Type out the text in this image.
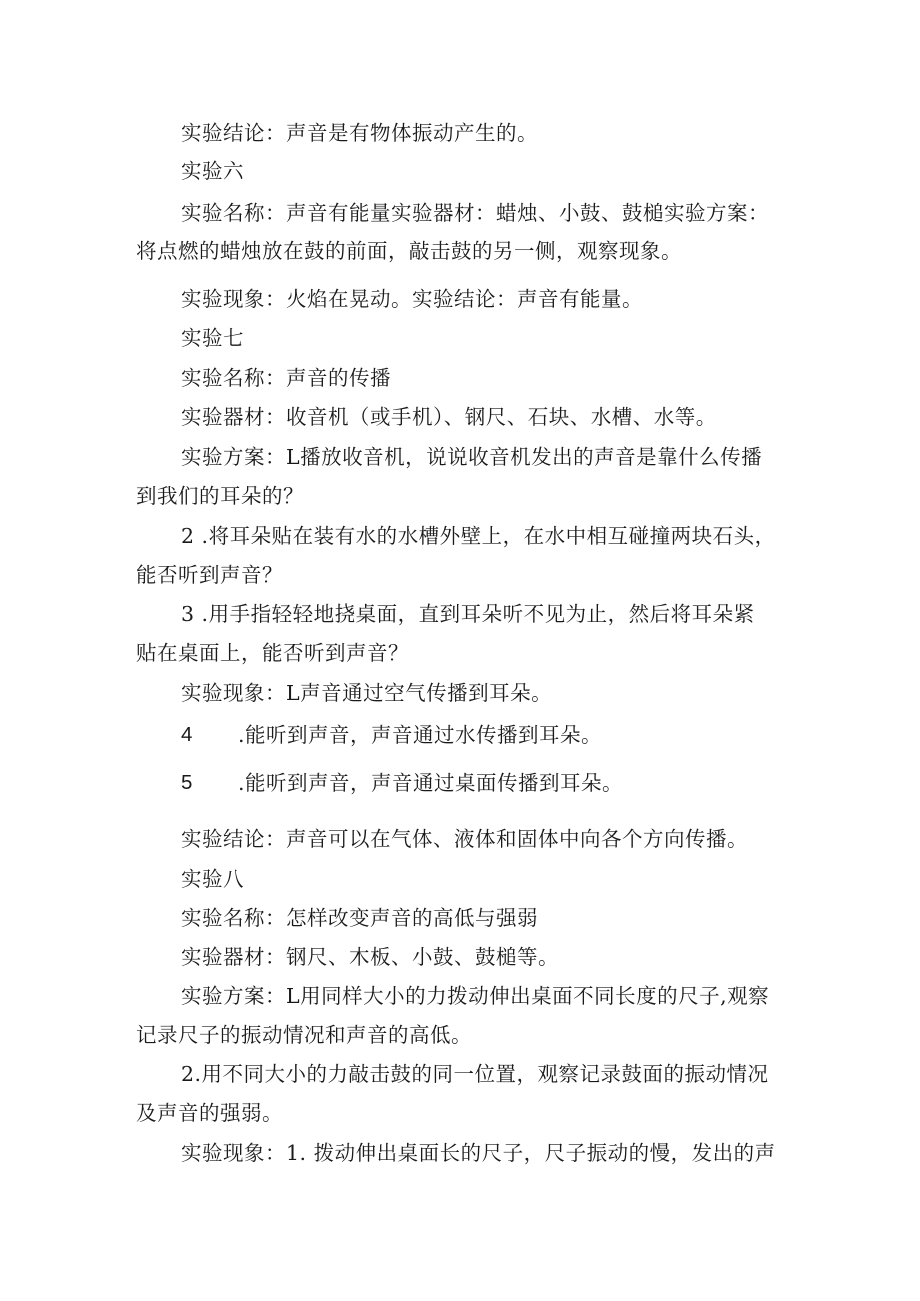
实验结论：声音是有物体振动产生的。
实验六
实验名称：声音有能量实验器材：蜡烛、小鼓、鼓槌实验方案：
将点燃的蜡烛放在鼓的前面，敲击鼓的另一侧，观察现象。
实验现象：火焰在晃动。实验结论：声音有能量。
实验七
实验名称：声音的传播
实验器材：收音机（或手机）、钢尺、石块、水槽、水等。
实验方案：L播放收音机，说说收音机发出的声音是靠什么传播
到我们的耳朵的？
2 .将耳朵贴在装有水的水槽外壁上，在水中相互碰撞两块石头，
能否听到声音？
3 .用手指轻轻地挠桌面，直到耳朵听不见为止，然后将耳朵紧
贴在桌面上，能否听到声音？
实验现象：L声音通过空气传播到耳朵。
4 .能听到声音，声音通过水传播到耳朵。
5 .能听到声音，声音通过桌面传播到耳朵。
实验结论：声音可以在气体、液体和固体中向各个方向传播。
实验八
实验名称：怎样改变声音的高低与强弱
实验器材：钢尺、木板、小鼓、鼓槌等。
实验方案：L用同样大小的力拨动伸出桌面不同长度的尺子,观察
记录尺子的振动情况和声音的高低。
2.用不同大小的力敲击鼓的同一位置，观察记录鼓面的振动情况
及声音的强弱。
实验现象：1. 拨动伸出桌面长的尺子，尺子振动的慢，发出的声
